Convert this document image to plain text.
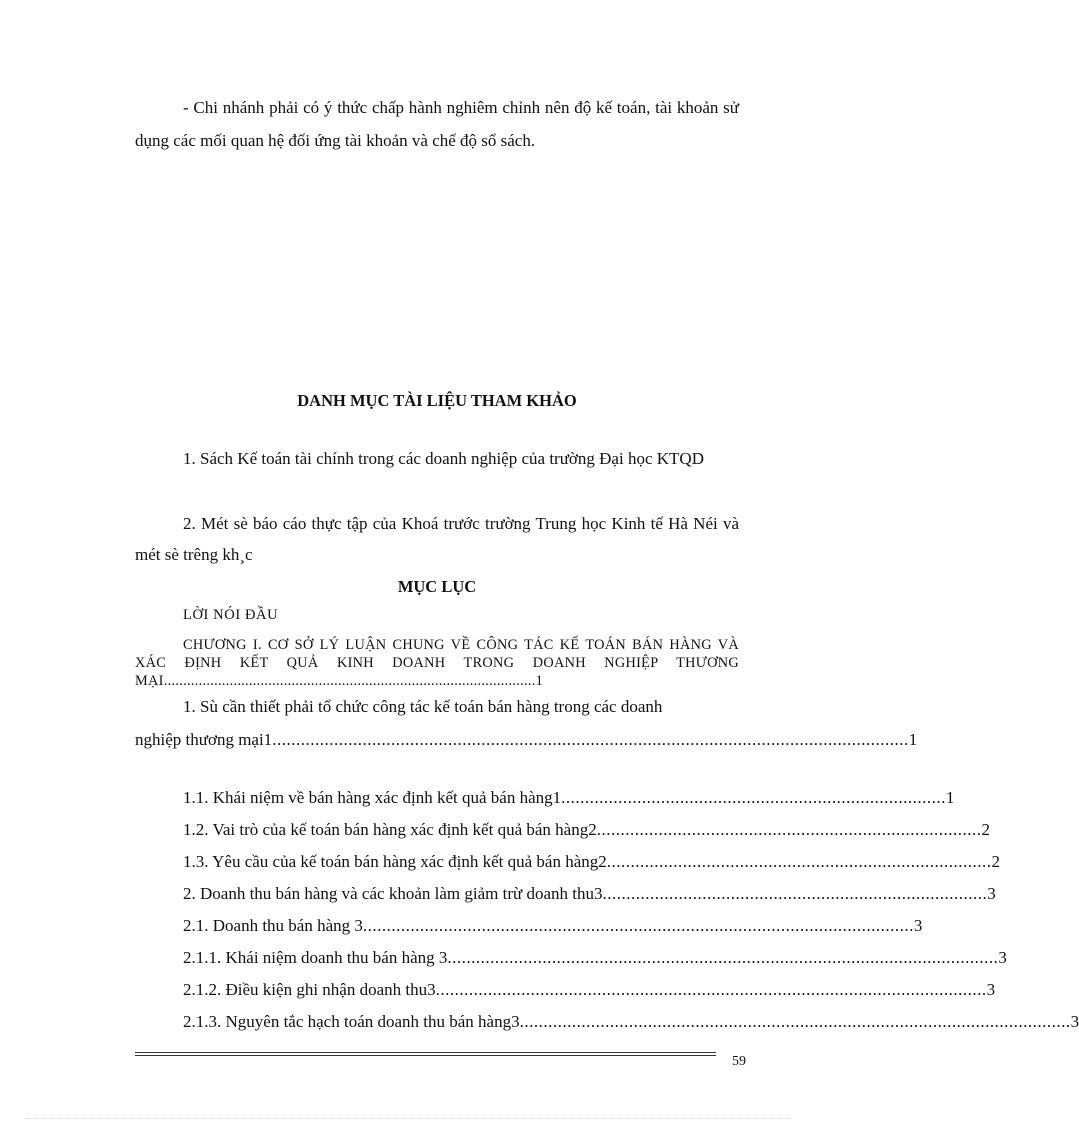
- Chi nhánh phải có ý thức chấp hành nghiêm chỉnh nên độ kế toán, tài khoản sử dụng các mối quan hệ đối ứng tài khoản và chế độ sổ sách.

DANH MỤC TÀI LIỆU THAM KHẢO

1. Sách Kế toán tài chính trong các doanh nghiệp của trường Đại học KTQD

2. Mét sè báo cáo thực tập của Khoá trước trường Trung học Kinh tế Hà Néi và mét sè trêng kh¸c

MỤC LỤC
LỜI NÓI ĐẦU

CHƯƠNG I. CƠ SỞ LÝ LUẬN CHUNG VỀ CÔNG TÁC KẾ TOÁN BÁN HÀNG VÀ XÁC ĐỊNH KẾT QUẢ KINH DOANH TRONG DOANH NGHIỆP THƯƠNG MẠI................................................................................................1

1. Sù cần thiết phải tổ chức công tác kế toán bán hàng trong các doanh
nghiệp thương mại1 ...................................................................................................................................... 1
1.1. Khái niệm về bán hàng xác định kết quả bán hàng1 ................................................................................. 1
1.2. Vai trò của kế toán bán hàng xác định kết quả bán hàng2 ................................................................................. 2
1.3. Yêu cầu của kế toán bán hàng xác định kết quả bán hàng2 ................................................................................. 2
2. Doanh thu bán hàng và các khoản làm giảm trừ doanh thu3 ................................................................................. 3
2.1. Doanh thu bán hàng 3 .................................................................................................................... 3
2.1.1. Khái niệm doanh thu bán hàng 3 .................................................................................................................... 3
2.1.2. Điều kiện ghi nhận doanh thu3 .................................................................................................................... 3
2.1.3. Nguyên tắc hạch toán doanh thu bán hàng3 .................................................................................................................... 3
59
